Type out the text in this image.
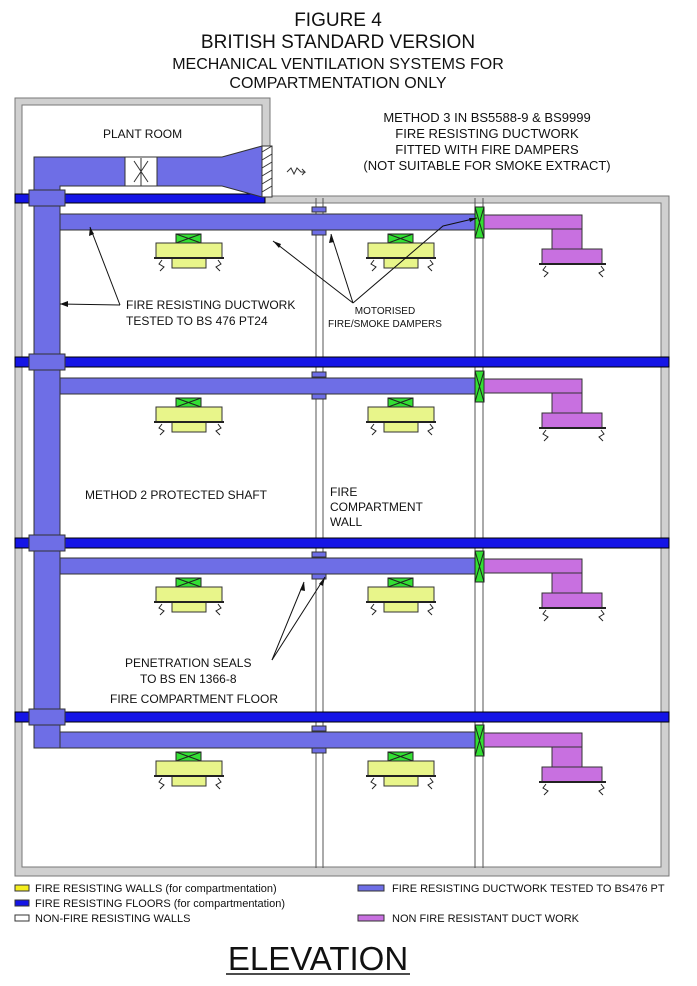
FIGURE 4
BRITISH STANDARD VERSION
MECHANICAL VENTILATION SYSTEMS FOR
COMPARTMENTATION ONLY
METHOD 3 IN BS5588-9 & BS9999
FIRE RESISTING DUCTWORK
FITTED WITH FIRE DAMPERS
(NOT SUITABLE FOR SMOKE EXTRACT)
PLANT ROOM
FIRE RESISTING DUCTWORK
TESTED TO BS 476 PT24
MOTORISED
FIRE/SMOKE DAMPERS
METHOD 2 PROTECTED SHAFT	FIRE
COMPARTMENT
WALL
PENETRATION SEALS
TO BS EN 1366-8
FIRE COMPARTMENT FLOOR
FIRE RESISTING WALLS (for compartmentation)
FIRE RESISTING FLOORS (for compartmentation)
NON-FIRE RESISTING WALLS
FIRE RESISTING DUCTWORK TESTED TO BS476 PT
NON FIRE RESISTANT DUCT WORK
ELEVATION
